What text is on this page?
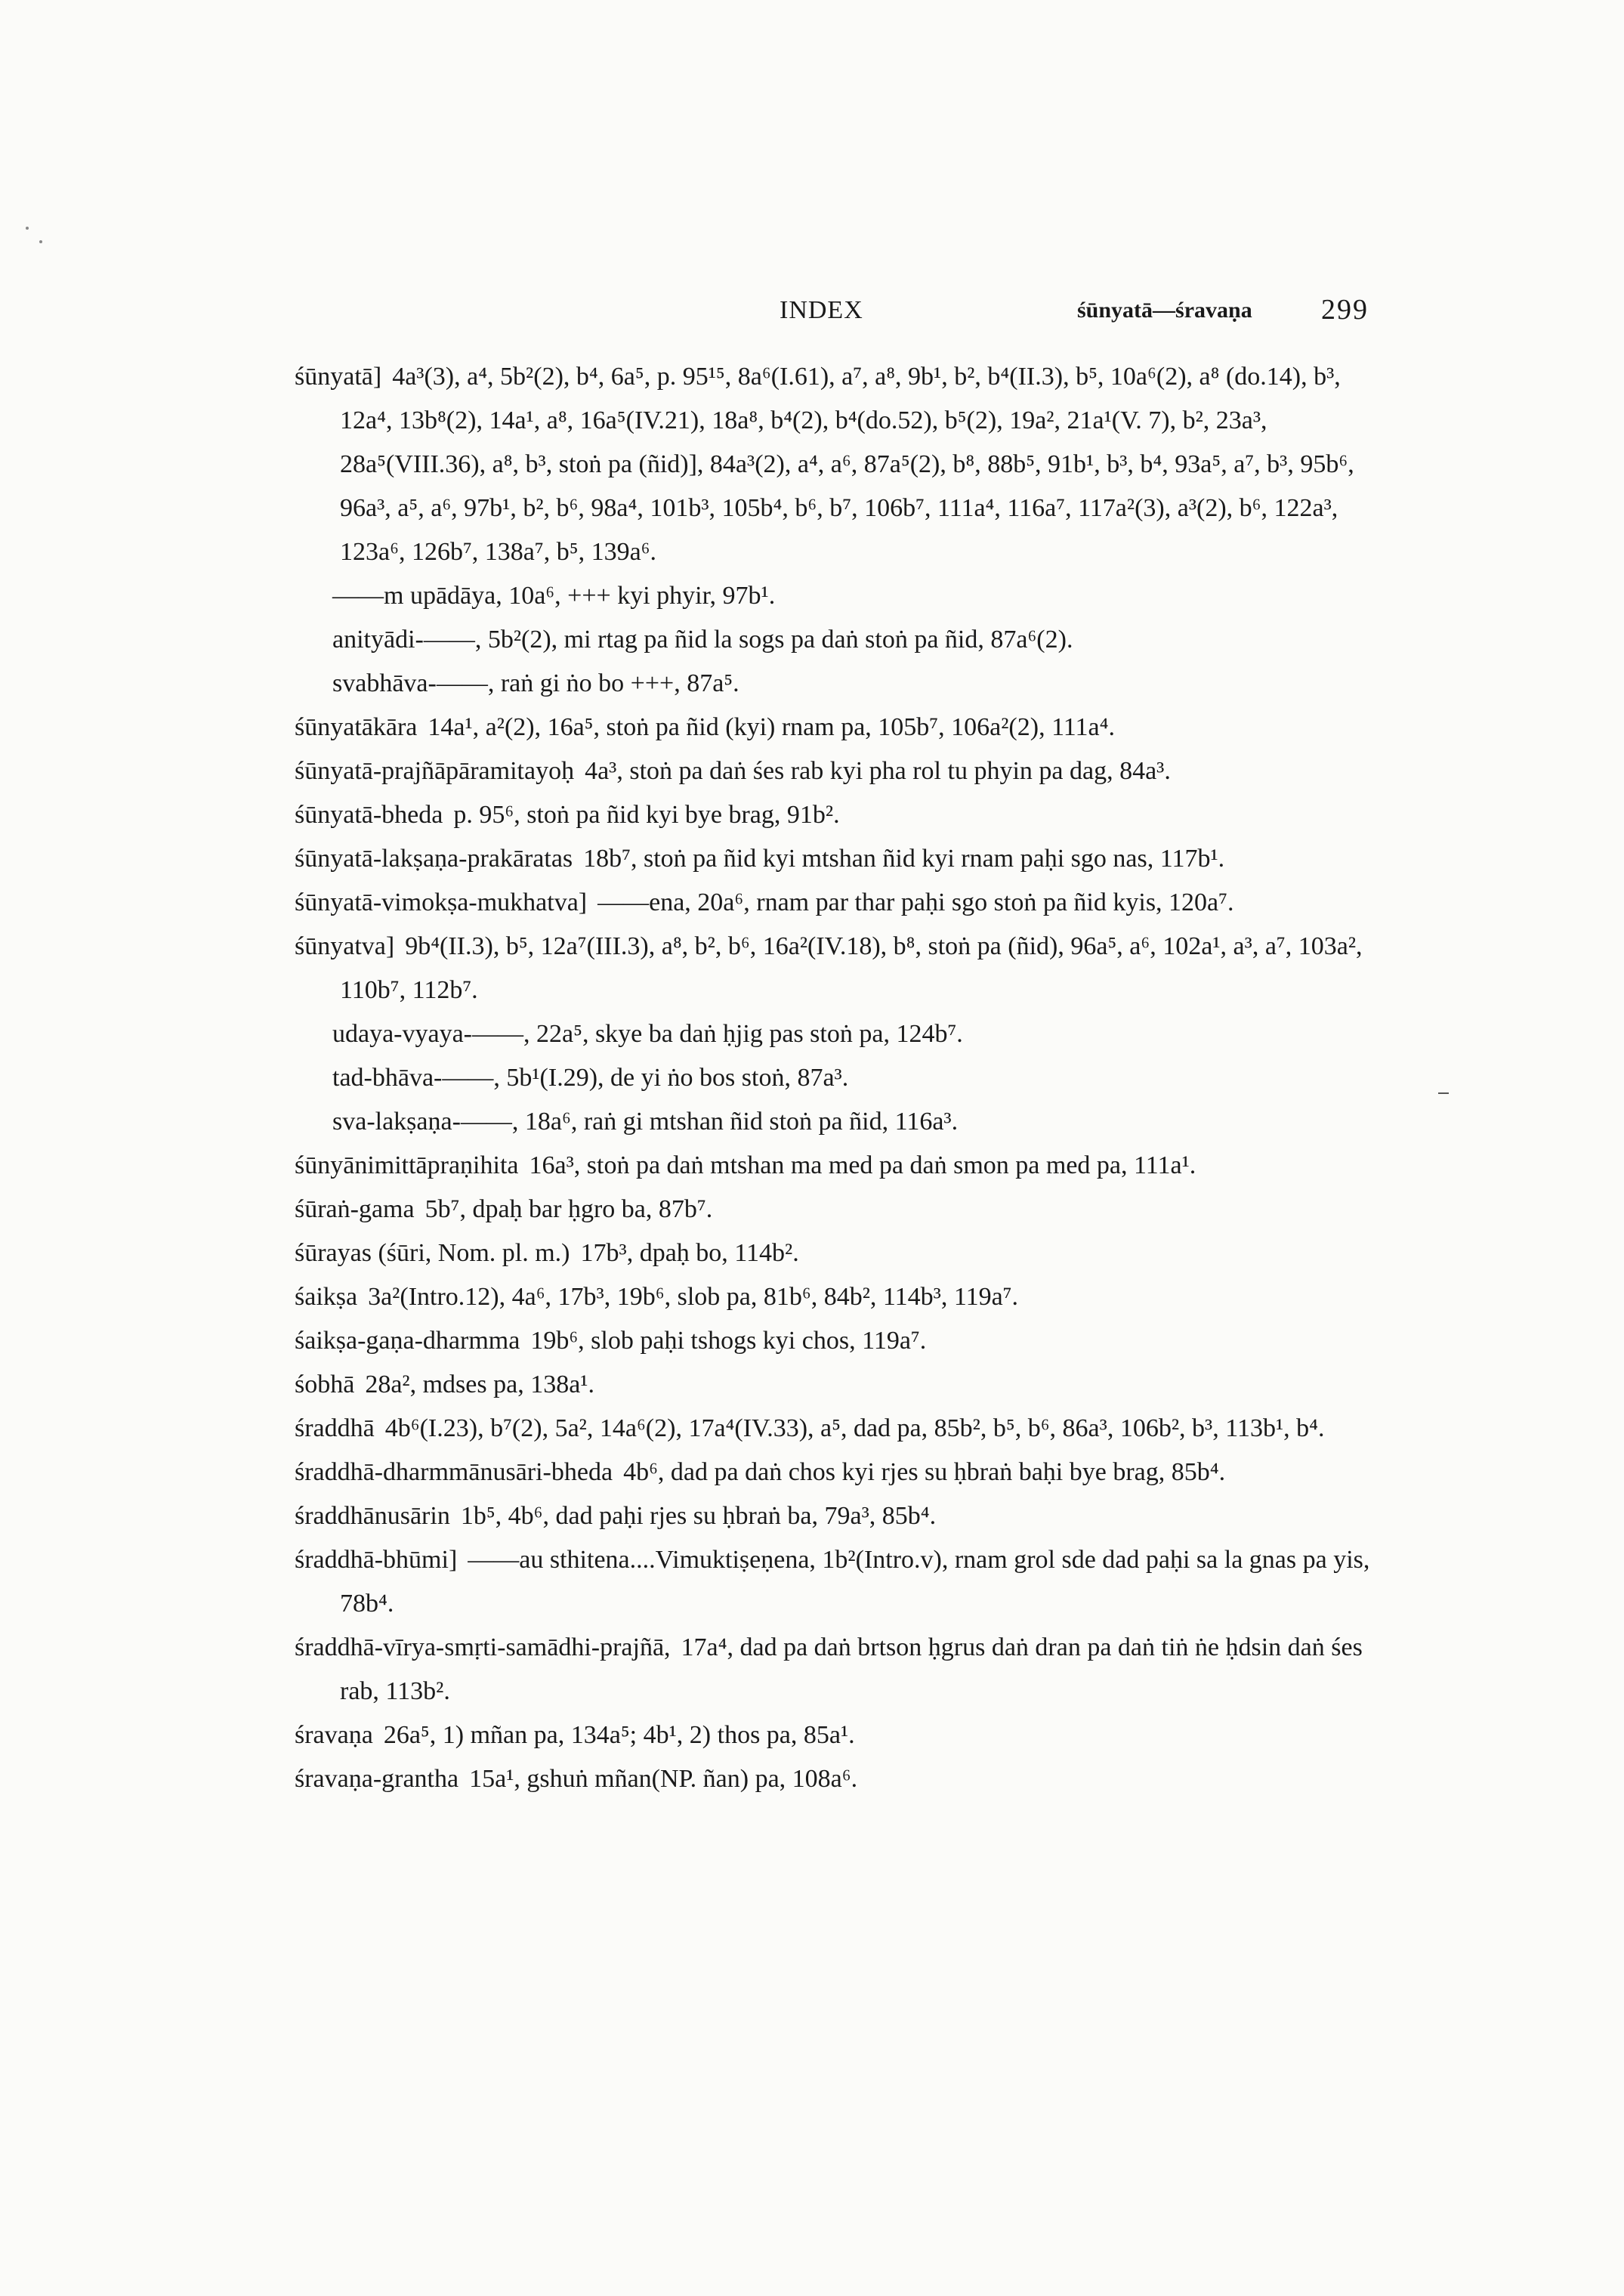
INDEX	śūnyatā—śravaṇa 299

śūnyatā] 4a³(3), a⁴, 5b²(2), b⁴, 6a⁵, p. 95¹⁵, 8a⁶(I.61), a⁷, a⁸, 9b¹, b², b⁴(II.3), b⁵, 10a⁶(2), a⁸ (do.14), b³, 12a⁴, 13b⁸(2), 14a¹, a⁸, 16a⁵(IV.21), 18a⁸, b⁴(2), b⁴(do.52), b⁵(2), 19a², 21a¹(V. 7), b², 23a³, 28a⁵(VIII.36), a⁸, b³, stoṅ pa (ñid)], 84a³(2), a⁴, a⁶, 87a⁵(2), b⁸, 88b⁵, 91b¹, b³, b⁴, 93a⁵, a⁷, b³, 95b⁶, 96a³, a⁵, a⁶, 97b¹, b², b⁶, 98a⁴, 101b³, 105b⁴, b⁶, b⁷, 106b⁷, 111a⁴, 116a⁷, 117a²(3), a³(2), b⁶, 122a³, 123a⁶, 126b⁷, 138a⁷, b⁵, 139a⁶.

——m upādāya, 10a⁶, +++ kyi phyir, 97b¹.

anityādi-——, 5b²(2), mi rtag pa ñid la sogs pa daṅ stoṅ pa ñid, 87a⁶(2).

svabhāva-——, raṅ gi ṅo bo +++, 87a⁵.

śūnyatākāra 14a¹, a²(2), 16a⁵, stoṅ pa ñid (kyi) rnam pa, 105b⁷, 106a²(2), 111a⁴.

śūnyatā-prajñāpāramitayoḥ 4a³, stoṅ pa daṅ śes rab kyi pha rol tu phyin pa dag, 84a³.

śūnyatā-bheda p. 95⁶, stoṅ pa ñid kyi bye brag, 91b².

śūnyatā-lakṣaṇa-prakāratas 18b⁷, stoṅ pa ñid kyi mtshan ñid kyi rnam paḥi sgo nas, 117b¹.

śūnyatā-vimokṣa-mukhatva] ——ena, 20a⁶, rnam par thar paḥi sgo stoṅ pa ñid kyis, 120a⁷.

śūnyatva] 9b⁴(II.3), b⁵, 12a⁷(III.3), a⁸, b², b⁶, 16a²(IV.18), b⁸, stoṅ pa (ñid), 96a⁵, a⁶, 102a¹, a³, a⁷, 103a², 110b⁷, 112b⁷.

udaya-vyaya-——, 22a⁵, skye ba daṅ ḥjig pas stoṅ pa, 124b⁷.

tad-bhāva-——, 5b¹(I.29), de yi ṅo bos stoṅ, 87a³.

sva-lakṣaṇa-——, 18a⁶, raṅ gi mtshan ñid stoṅ pa ñid, 116a³.

śūnyānimittāpraṇihita 16a³, stoṅ pa daṅ mtshan ma med pa daṅ smon pa med pa, 111a¹.

śūraṅ-gama 5b⁷, dpaḥ bar ḥgro ba, 87b⁷.

śūrayas (śūri, Nom. pl. m.) 17b³, dpaḥ bo, 114b².

śaikṣa 3a²(Intro.12), 4a⁶, 17b³, 19b⁶, slob pa, 81b⁶, 84b², 114b³, 119a⁷.

śaikṣa-gaṇa-dharmma 19b⁶, slob paḥi tshogs kyi chos, 119a⁷.

śobhā 28a², mdses pa, 138a¹.

śraddhā 4b⁶(I.23), b⁷(2), 5a², 14a⁶(2), 17a⁴(IV.33), a⁵, dad pa, 85b², b⁵, b⁶, 86a³, 106b², b³, 113b¹, b⁴.

śraddhā-dharmmānusāri-bheda 4b⁶, dad pa daṅ chos kyi rjes su ḥbraṅ baḥi bye brag, 85b⁴.

śraddhānusārin 1b⁵, 4b⁶, dad paḥi rjes su ḥbraṅ ba, 79a³, 85b⁴.

śraddhā-bhūmi] ——au sthitena....Vimuktiṣeṇena, 1b²(Intro.v), rnam grol sde dad paḥi sa la gnas pa yis, 78b⁴.

śraddhā-vīrya-smṛti-samādhi-prajñā, 17a⁴, dad pa daṅ brtson ḥgrus daṅ dran pa daṅ tiṅ ṅe ḥdsin daṅ śes rab, 113b².

śravaṇa 26a⁵, 1) mñan pa, 134a⁵; 4b¹, 2) thos pa, 85a¹.

śravaṇa-grantha 15a¹, gshuṅ mñan(NP. ñan) pa, 108a⁶.
